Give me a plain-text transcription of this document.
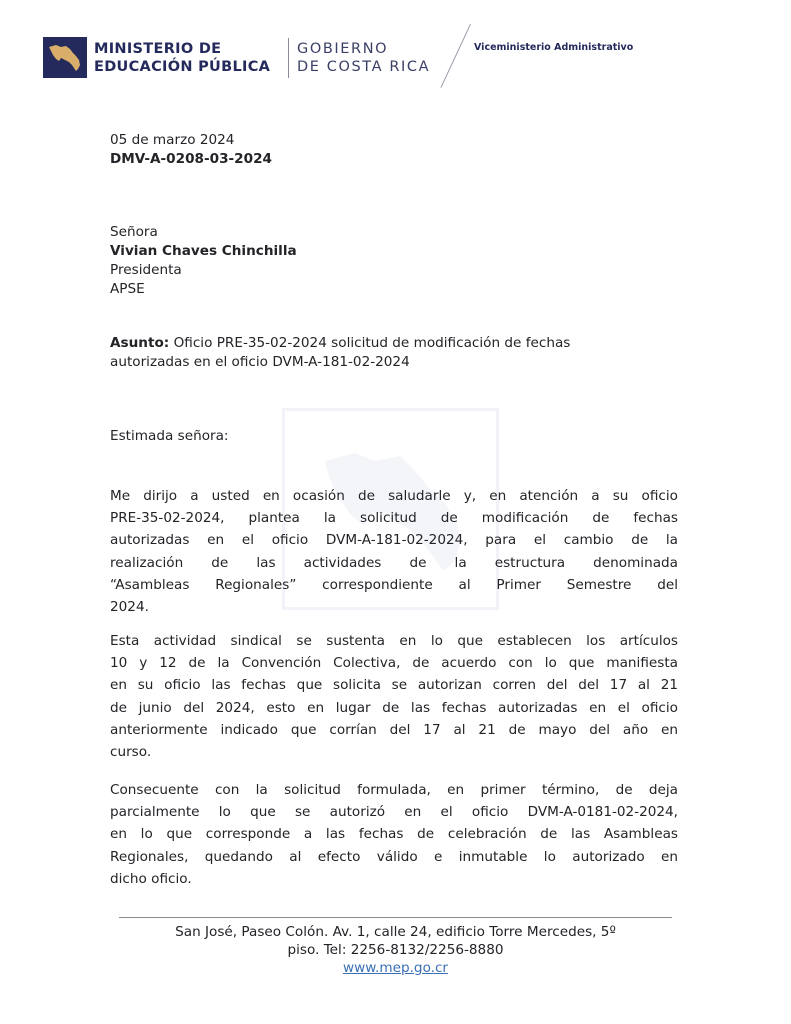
MINISTERIO DE
EDUCACIÓN PÚBLICA
GOBIERNO
DE COSTA RICA
Viceministerio Administrativo
05 de marzo 2024
DMV-A-0208-03-2024
Señora
Vivian Chaves Chinchilla
Presidenta
APSE
Asunto: Oficio PRE-35-02-2024 solicitud de modificación de fechas
autorizadas en el oficio DVM-A-181-02-2024
Estimada señora:
Me dirijo a usted en ocasión de saludarle y, en atención a su oficio
PRE-35-02-2024, plantea la solicitud de modificación de fechas
autorizadas en el oficio DVM-A-181-02-2024, para el cambio de la
realización de las actividades de la estructura denominada
“Asambleas Regionales” correspondiente al Primer Semestre del
2024.
Esta actividad sindical se sustenta en lo que establecen los artículos
10 y 12 de la Convención Colectiva, de acuerdo con lo que manifiesta
en su oficio las fechas que solicita se autorizan corren del del 17 al 21
de junio del 2024, esto en lugar de las fechas autorizadas en el oficio
anteriormente indicado que corrían del 17 al 21 de mayo del año en
curso.
Consecuente con la solicitud formulada, en primer término, de deja
parcialmente lo que se autorizó en el oficio DVM-A-0181-02-2024,
en lo que corresponde a las fechas de celebración de las Asambleas
Regionales, quedando al efecto válido e inmutable lo autorizado en
dicho oficio.
San José, Paseo Colón. Av. 1, calle 24, edificio Torre Mercedes, 5º
piso. Tel: 2256-8132/2256-8880
www.mep.go.cr
